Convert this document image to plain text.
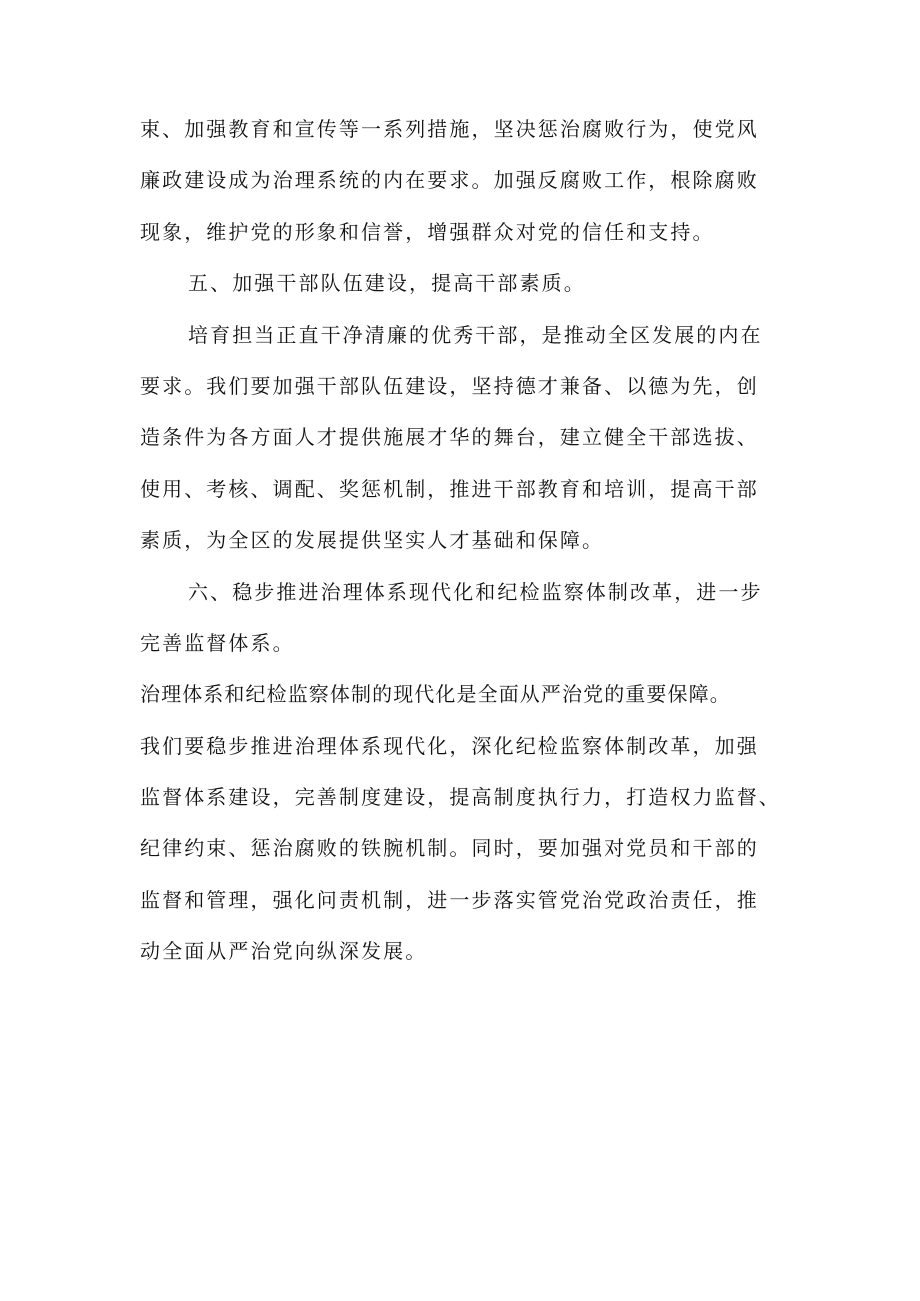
束、加强教育和宣传等一系列措施，坚决惩治腐败行为，使党风
廉政建设成为治理系统的内在要求。加强反腐败工作，根除腐败
现象，维护党的形象和信誉，增强群众对党的信任和支持。
五、加强干部队伍建设，提高干部素质。
培育担当正直干净清廉的优秀干部，是推动全区发展的内在
要求。我们要加强干部队伍建设，坚持德才兼备、以德为先，创
造条件为各方面人才提供施展才华的舞台，建立健全干部选拔、
使用、考核、调配、奖惩机制，推进干部教育和培训，提高干部
素质，为全区的发展提供坚实人才基础和保障。
六、稳步推进治理体系现代化和纪检监察体制改革，进一步
完善监督体系。
治理体系和纪检监察体制的现代化是全面从严治党的重要保障。
我们要稳步推进治理体系现代化，深化纪检监察体制改革，加强
监督体系建设，完善制度建设，提高制度执行力，打造权力监督、
纪律约束、惩治腐败的铁腕机制。同时，要加强对党员和干部的
监督和管理，强化问责机制，进一步落实管党治党政治责任，推
动全面从严治党向纵深发展。
